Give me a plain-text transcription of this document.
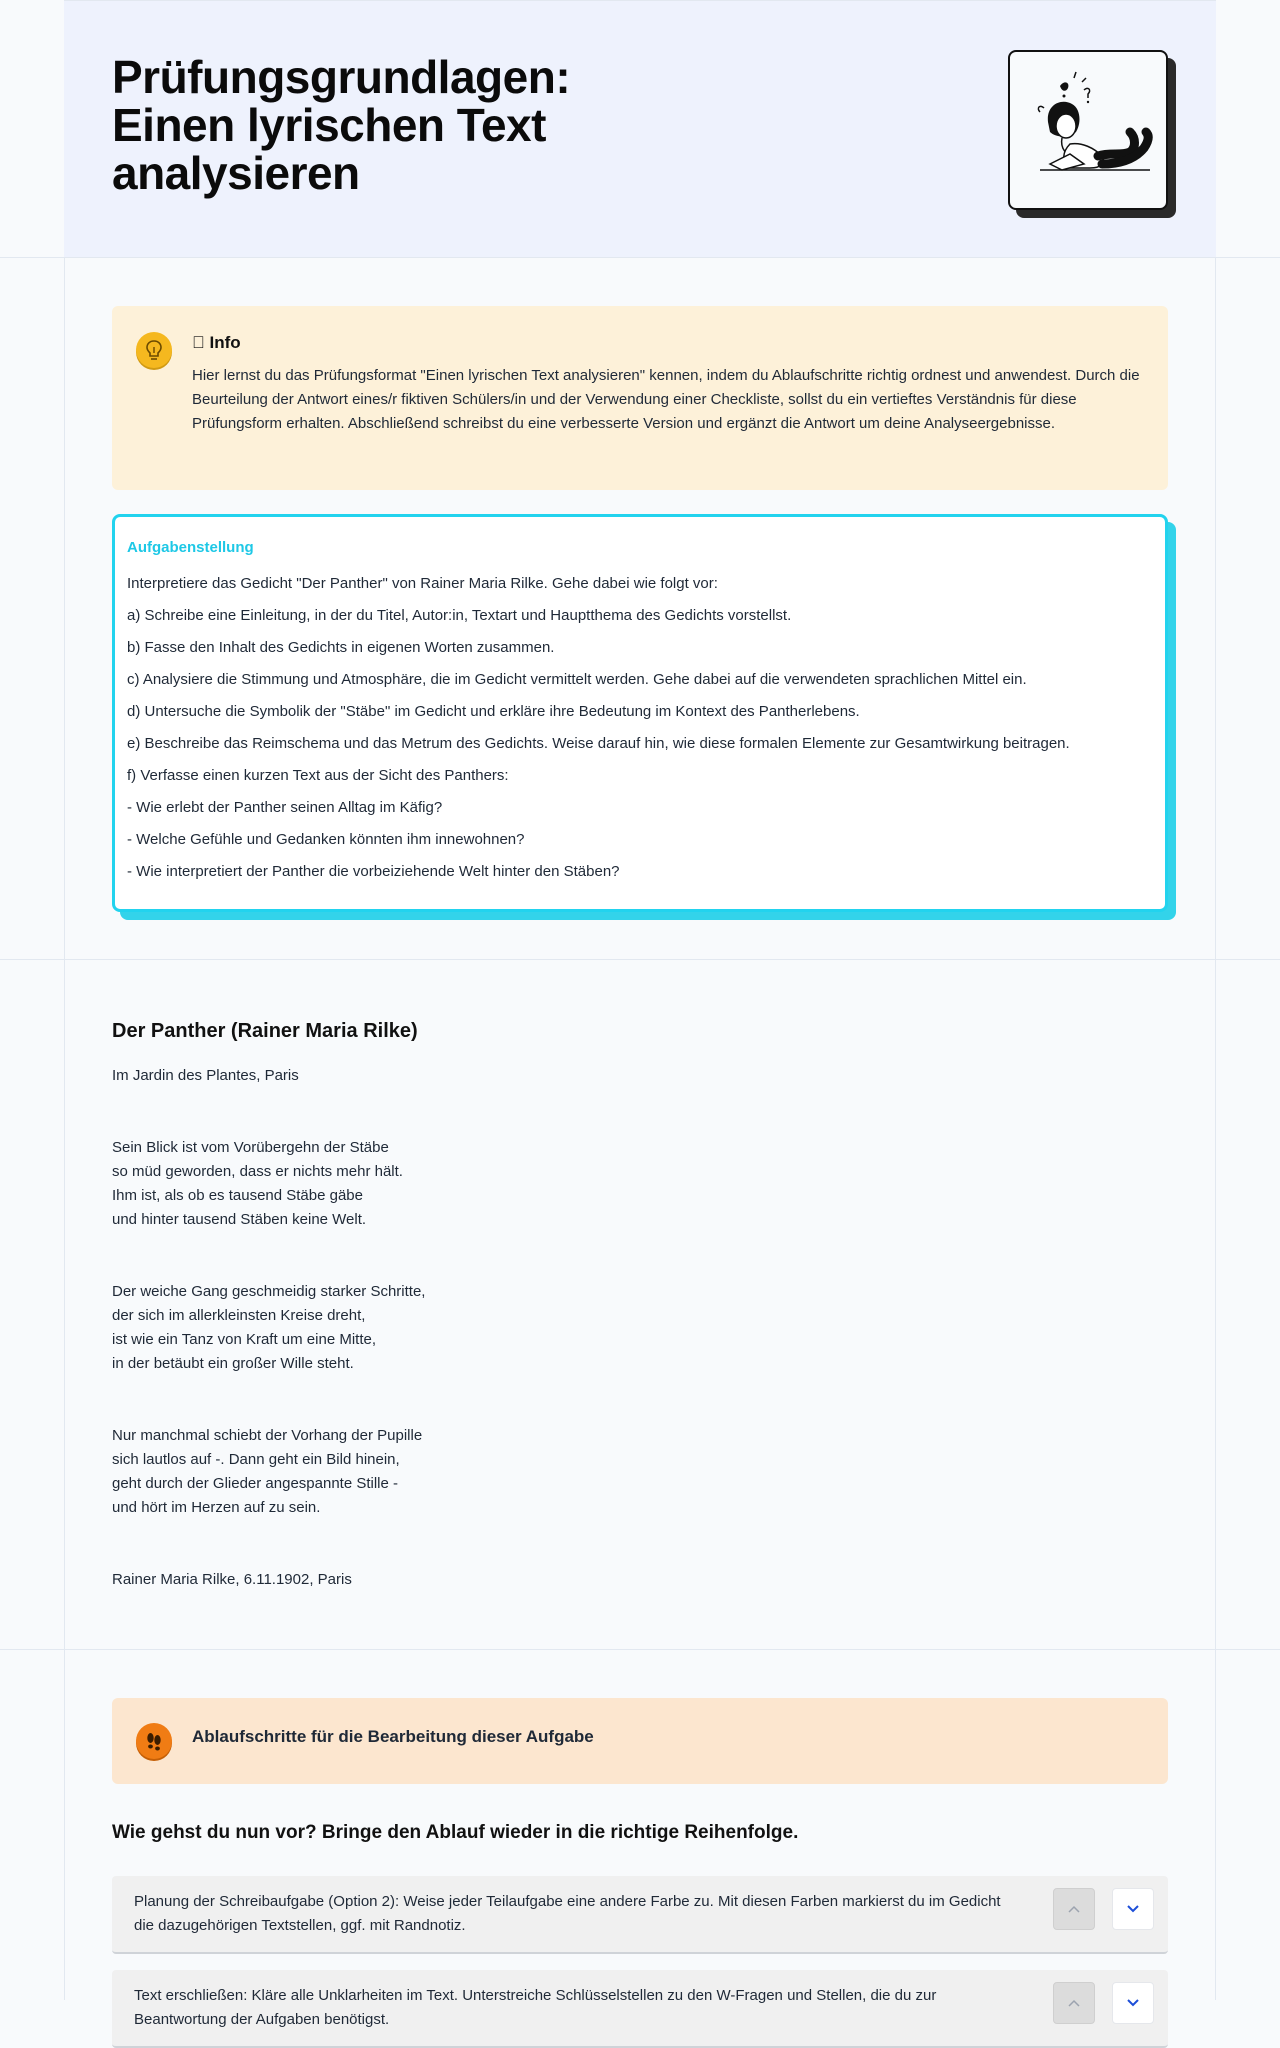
Prüfungsgrundlagen:
Einen lyrischen Text
analysieren
  Info

Hier lernst du das Prüfungsformat "Einen lyrischen Text analysieren" kennen, indem du Ablaufschritte richtig ordnest und anwendest. Durch die Beurteilung der Antwort eines/r fiktiven Schülers/in und der Verwendung einer Checkliste, sollst du ein vertieftes Verständnis für diese Prüfungsform erhalten. Abschließend schreibst du eine verbesserte Version und ergänzt die Antwort um deine Analyseergebnisse.

Aufgabenstellung
Interpretiere das Gedicht "Der Panther" von Rainer Maria Rilke. Gehe dabei wie folgt vor:
a) Schreibe eine Einleitung, in der du Titel, Autor:in, Textart und Hauptthema des Gedichts vorstellst.
b) Fasse den Inhalt des Gedichts in eigenen Worten zusammen.
c) Analysiere die Stimmung und Atmosphäre, die im Gedicht vermittelt werden. Gehe dabei auf die verwendeten sprachlichen Mittel ein.
d) Untersuche die Symbolik der "Stäbe" im Gedicht und erkläre ihre Bedeutung im Kontext des Pantherlebens.
e) Beschreibe das Reimschema und das Metrum des Gedichts. Weise darauf hin, wie diese formalen Elemente zur Gesamtwirkung beitragen.
f) Verfasse einen kurzen Text aus der Sicht des Panthers:
- Wie erlebt der Panther seinen Alltag im Käfig?
- Welche Gefühle und Gedanken könnten ihm innewohnen?
- Wie interpretiert der Panther die vorbeiziehende Welt hinter den Stäben?
Der Panther (Rainer Maria Rilke)
Im Jardin des Plantes, Paris
Sein Blick ist vom Vorübergehn der Stäbe
so müd geworden, dass er nichts mehr hält.
Ihm ist, als ob es tausend Stäbe gäbe
und hinter tausend Stäben keine Welt.
Der weiche Gang geschmeidig starker Schritte,
der sich im allerkleinsten Kreise dreht,
ist wie ein Tanz von Kraft um eine Mitte,
in der betäubt ein großer Wille steht.
Nur manchmal schiebt der Vorhang der Pupille
sich lautlos auf -. Dann geht ein Bild hinein,
geht durch der Glieder angespannte Stille -
und hört im Herzen auf zu sein.
Rainer Maria Rilke, 6.11.1902, Paris
Ablaufschritte für die Bearbeitung dieser Aufgabe
Wie gehst du nun vor? Bringe den Ablauf wieder in die richtige Reihenfolge.

Planung der Schreibaufgabe (Option 2): Weise jeder Teilaufgabe eine andere Farbe zu. Mit diesen Farben markierst du im Gedicht die dazugehörigen Textstellen, ggf. mit Randnotiz.

Text erschließen: Kläre alle Unklarheiten im Text. Unterstreiche Schlüsselstellen zu den W-Fragen und Stellen, die du zur Beantwortung der Aufgaben benötigst.
